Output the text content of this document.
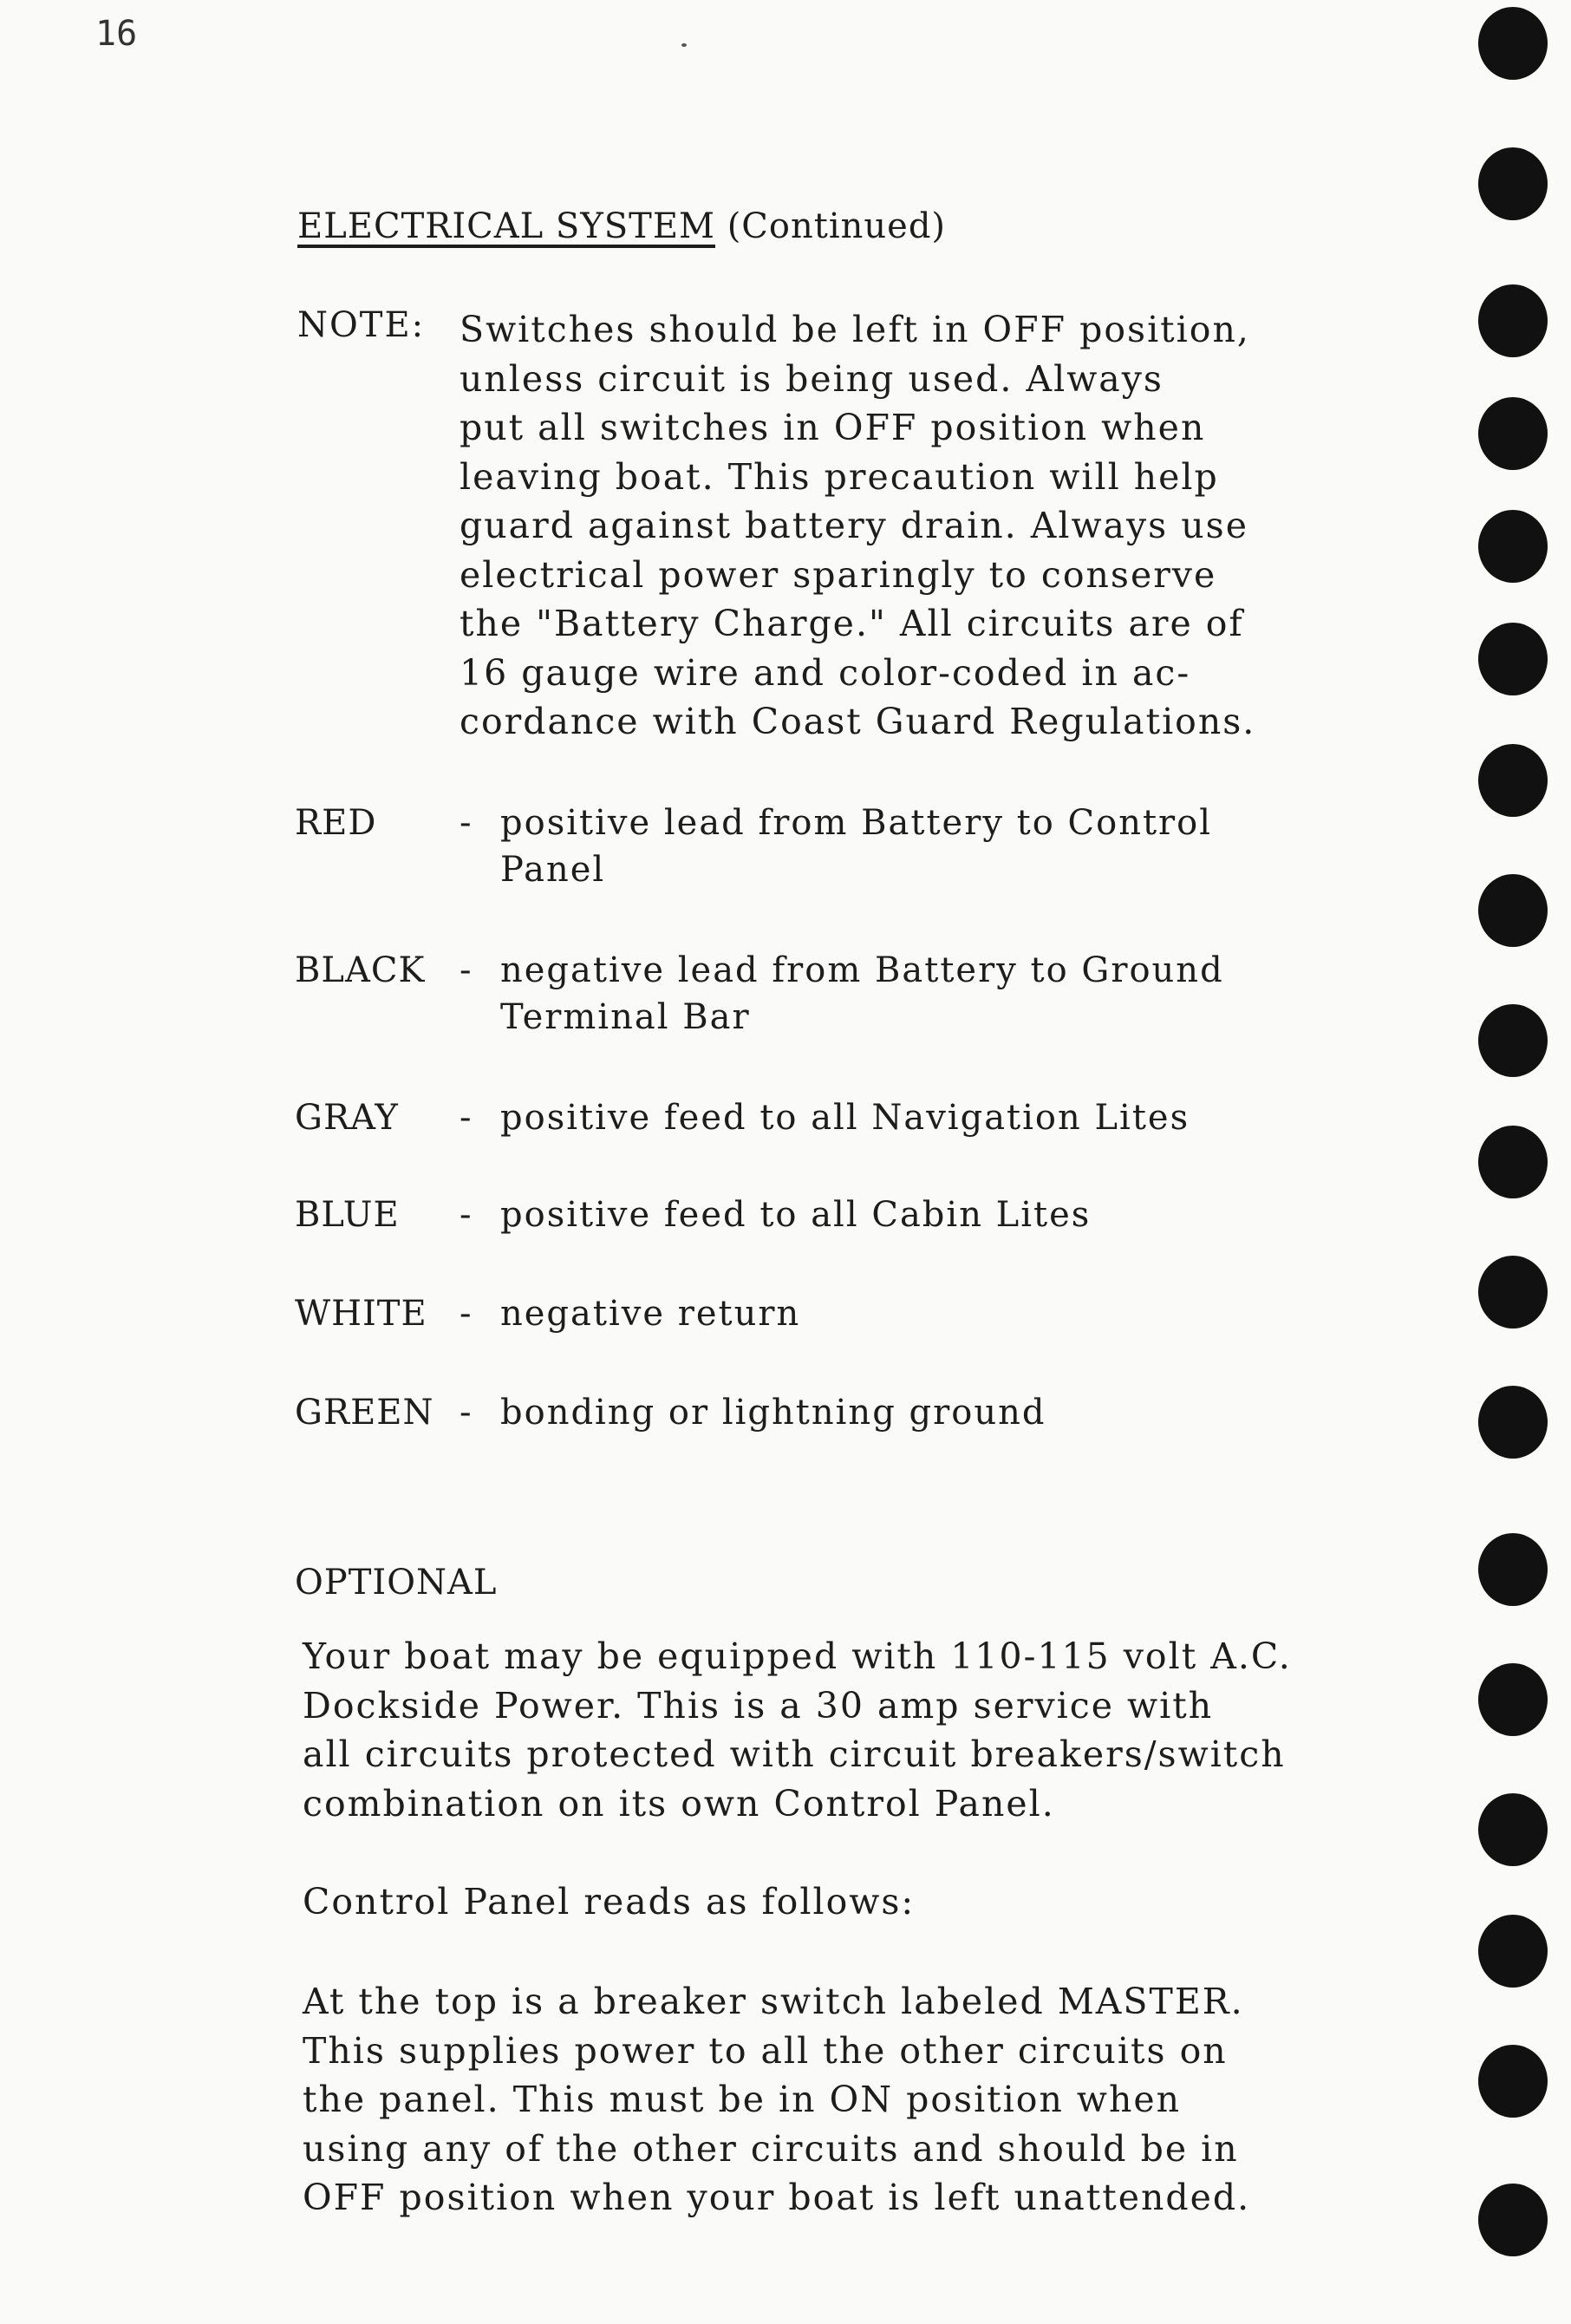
16
ELECTRICAL SYSTEM (Continued)
NOTE: Switches should be left in OFF position,
unless circuit is being used. Always
put all switches in OFF position when
leaving boat. This precaution will help
guard against battery drain. Always use
electrical power sparingly to conserve
the "Battery Charge." All circuits are of
16 gauge wire and color-coded in ac-
cordance with Coast Guard Regulations.
RED - positive lead from Battery to Control
Panel
BLACK - negative lead from Battery to Ground
Terminal Bar
GRAY - positive feed to all Navigation Lites
BLUE - positive feed to all Cabin Lites
WHITE - negative return
GREEN - bonding or lightning ground
OPTIONAL
Your boat may be equipped with 110-115 volt A.C.
Dockside Power. This is a 30 amp service with
all circuits protected with circuit breakers/switch
combination on its own Control Panel.
Control Panel reads as follows:
At the top is a breaker switch labeled MASTER.
This supplies power to all the other circuits on
the panel. This must be in ON position when
using any of the other circuits and should be in
OFF position when your boat is left unattended.
